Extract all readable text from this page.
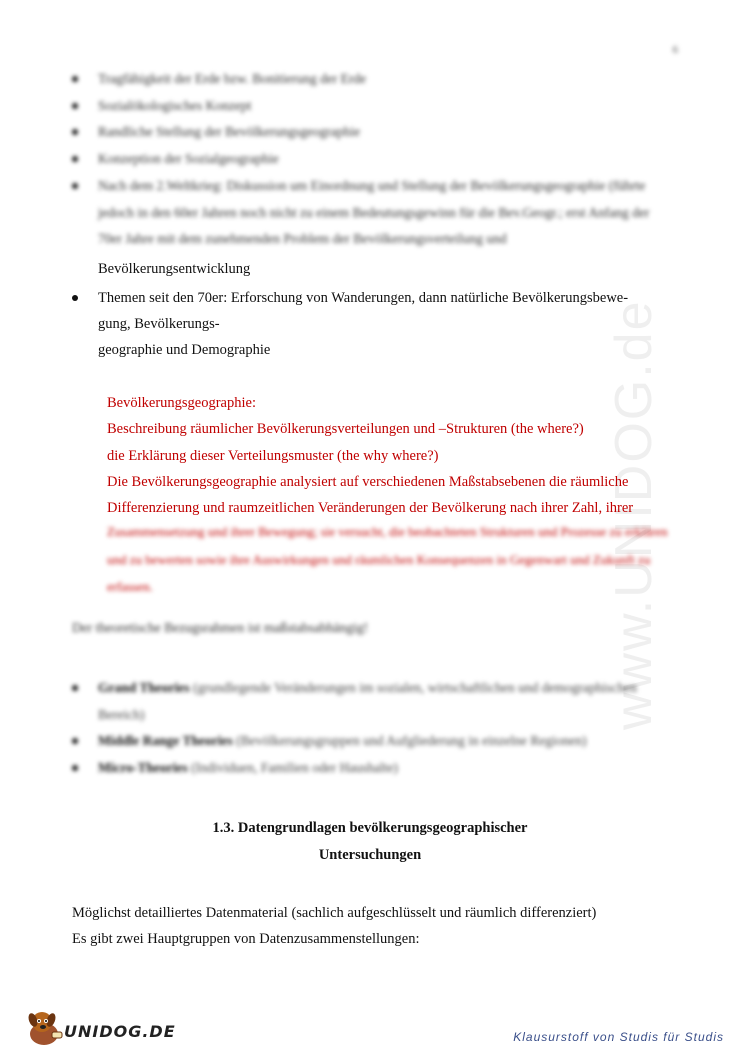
6
www.UNIDOG.de
Tragfähigkeit der Erde bzw. Bonitierung der Erde
Sozialökologisches Konzept
Randliche Stellung der Bevölkerungsgeographie
Konzeption der Sozialgeographie
Nach dem 2.Weltkrieg: Diskussion um Einordnung und Stellung der Bevölkerungsgeographie (führte jedoch in den 60er Jahren noch nicht zu einem Bedeutungsgewinn für die Bev.Geogr.; erst Anfang der 70er Jahre mit dem zunehmenden Problem der Bevölkerungsverteilung und
Bevölkerungsentwicklung
Themen seit den 70er: Erforschung von Wanderungen, dann natürliche Bevölkerungsbewe-
gung, Bevölkerungs-
geographie und Demographie
Bevölkerungsgeographie:
Beschreibung räumlicher Bevölkerungsverteilungen und –Strukturen (the where?)
die Erklärung dieser Verteilungsmuster (the why where?)
Die Bevölkerungsgeographie analysiert auf verschiedenen Maßstabsebenen die räumliche
Differenzierung und raumzeitlichen Veränderungen der Bevölkerung nach ihrer Zahl, ihrer
Zusammensetzung und ihrer Bewegung; sie versucht, die beobachteten Strukturen und Prozesse zu erklären und zu bewerten sowie ihre Auswirkungen und räumlichen Konsequenzen in Gegenwart und Zukunft zu erfassen.
Der theoretische Bezugsrahmen ist maßstabsabhängig!
Grand Theories (grundlegende Veränderungen im sozialen, wirtschaftlichen und demographischen Bereich)
Middle Range Theories (Bevölkerungsgruppen und Aufgliederung in einzelne Regionen)
Micro-Theories (Individuen, Familien oder Haushalte)
1.3. Datengrundlagen bevölkerungsgeographischer
Untersuchungen
Möglichst detailliertes Datenmaterial (sachlich aufgeschlüsselt und räumlich differenziert)
Es gibt zwei Hauptgruppen von Datenzusammenstellungen:
UNIDOG.DE	Klausurstoff von Studis für Studis
